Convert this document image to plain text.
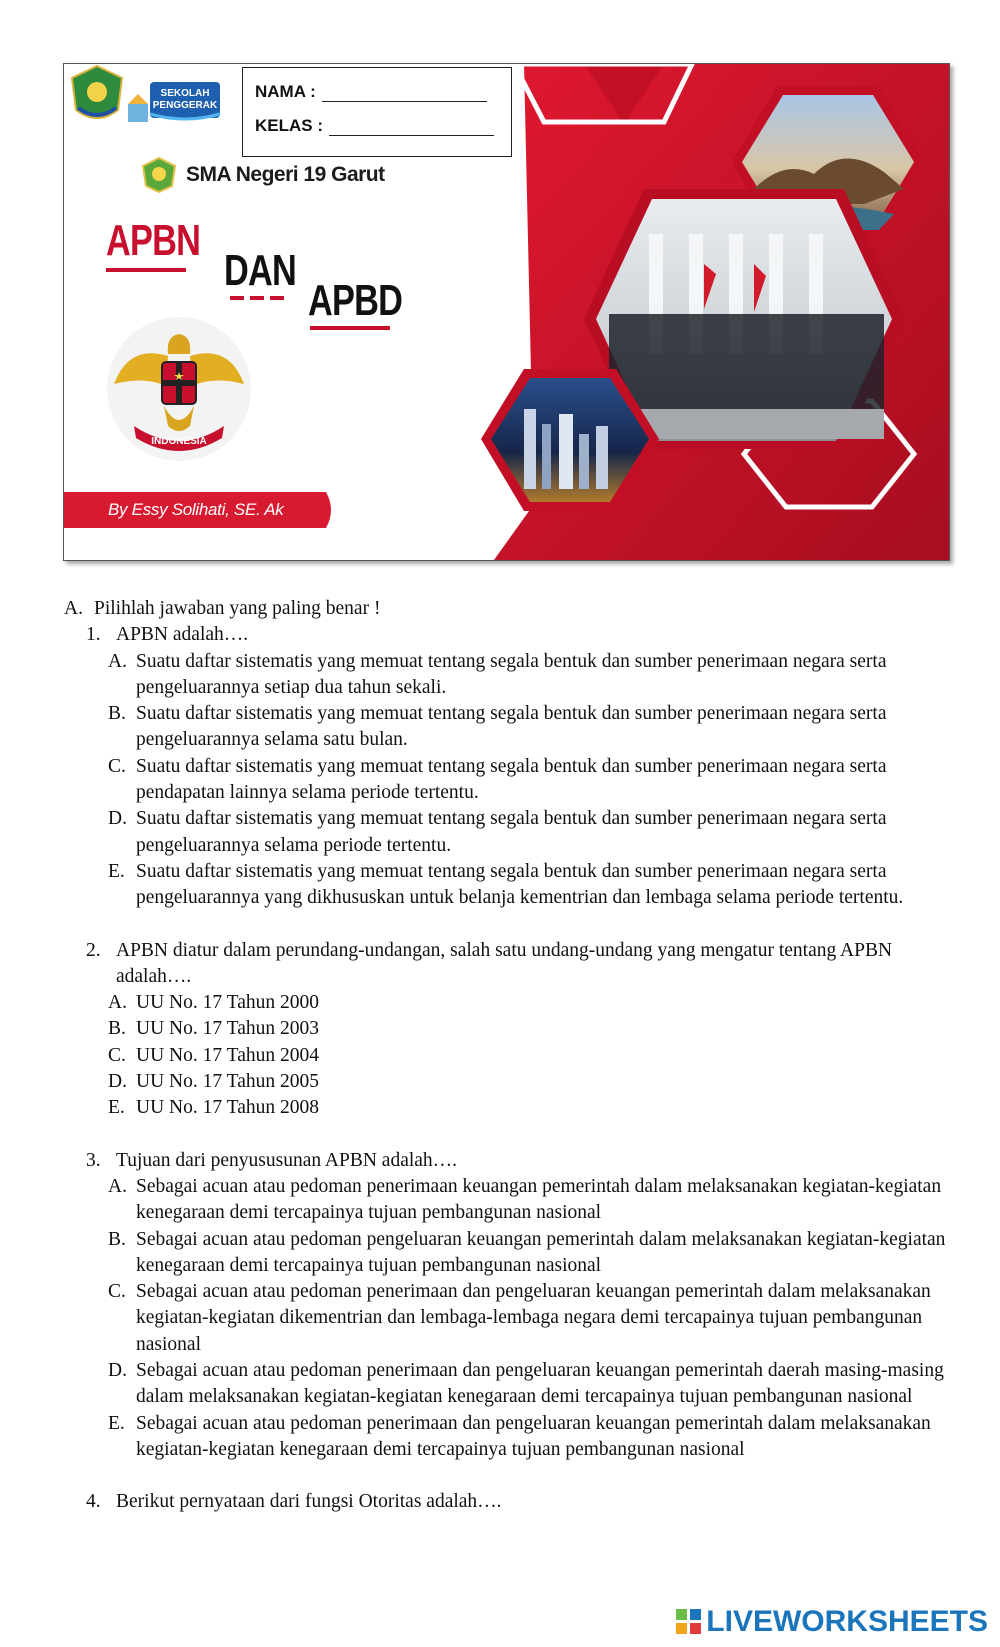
SEKOLAH
PENGGERAK
NAMA :
KELAS :
SMA Negeri 19 Garut
APBN
DAN
APBD
INDONESIA
By Essy Solihati, SE. Ak
A. Pilihlah jawaban yang paling benar !
1. APBN adalah….
A. Suatu daftar sistematis yang memuat tentang segala bentuk dan sumber penerimaan negara serta pengeluarannya setiap dua tahun sekali.
B. Suatu daftar sistematis yang memuat tentang segala bentuk dan sumber penerimaan negara serta pengeluarannya selama satu bulan.
C. Suatu daftar sistematis yang memuat tentang segala bentuk dan sumber penerimaan negara serta pendapatan lainnya selama periode tertentu.
D. Suatu daftar sistematis yang memuat tentang segala bentuk dan sumber penerimaan negara serta pengeluarannya selama periode tertentu.
E. Suatu daftar sistematis yang memuat tentang segala bentuk dan sumber penerimaan negara serta pengeluarannya yang dikhususkan untuk belanja kementrian dan lembaga selama periode tertentu.
2. APBN diatur dalam perundang-undangan, salah satu undang-undang yang mengatur tentang APBN adalah….
A. UU No. 17 Tahun 2000
B. UU No. 17 Tahun 2003
C. UU No. 17 Tahun 2004
D. UU No. 17 Tahun 2005
E. UU No. 17 Tahun 2008
3. Tujuan dari penyususunan APBN adalah….
A. Sebagai acuan atau pedoman penerimaan keuangan pemerintah dalam melaksanakan kegiatan-kegiatan kenegaraan demi tercapainya tujuan pembangunan nasional
B. Sebagai acuan atau pedoman pengeluaran keuangan pemerintah dalam melaksanakan kegiatan-kegiatan kenegaraan demi tercapainya tujuan pembangunan nasional
C. Sebagai acuan atau pedoman penerimaan dan pengeluaran keuangan pemerintah dalam melaksanakan kegiatan-kegiatan dikementrian dan lembaga-lembaga negara demi tercapainya tujuan pembangunan nasional
D. Sebagai acuan atau pedoman penerimaan dan pengeluaran keuangan pemerintah daerah masing-masing dalam melaksanakan kegiatan-kegiatan kenegaraan demi tercapainya tujuan pembangunan nasional
E. Sebagai acuan atau pedoman penerimaan dan pengeluaran keuangan pemerintah dalam melaksanakan kegiatan-kegiatan kenegaraan demi tercapainya tujuan pembangunan nasional
4. Berikut pernyataan dari fungsi Otoritas adalah….
LIVEWORKSHEETS
